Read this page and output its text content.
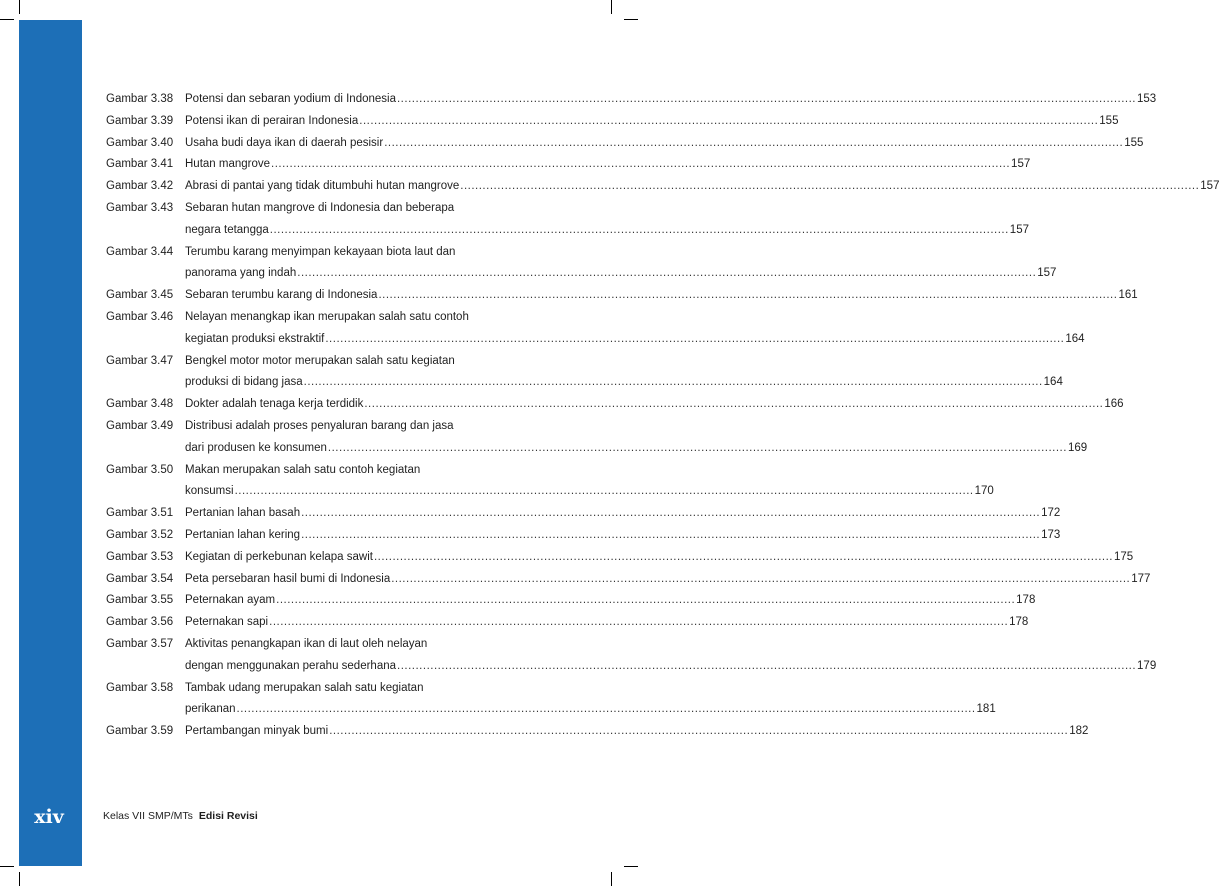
xiv
Gambar 3.38	Potensi dan sebaran yodium di Indonesia ........................................................................................................................................................................................................ 153
Gambar 3.39	Potensi ikan di perairan Indonesia ........................................................................................................................................................................................................ 155
Gambar 3.40	Usaha budi daya ikan di daerah pesisir ........................................................................................................................................................................................................ 155
Gambar 3.41	Hutan mangrove ........................................................................................................................................................................................................ 157
Gambar 3.42	Abrasi di pantai yang tidak ditumbuhi hutan mangrove ........................................................................................................................................................................................................ 157
Gambar 3.43	Sebaran hutan mangrove di Indonesia dan beberapa
negara tetangga ........................................................................................................................................................................................................ 157
Gambar 3.44	Terumbu karang menyimpan kekayaan biota laut dan
panorama yang indah ........................................................................................................................................................................................................ 157
Gambar 3.45	Sebaran terumbu karang di Indonesia ........................................................................................................................................................................................................ 161
Gambar 3.46	Nelayan menangkap ikan merupakan salah satu contoh
kegiatan produksi ekstraktif ........................................................................................................................................................................................................ 164
Gambar 3.47	Bengkel motor motor merupakan salah satu kegiatan
produksi di bidang jasa ........................................................................................................................................................................................................ 164
Gambar 3.48	Dokter adalah tenaga kerja terdidik ........................................................................................................................................................................................................ 166
Gambar 3.49	Distribusi adalah proses penyaluran barang dan jasa
dari produsen ke konsumen ........................................................................................................................................................................................................ 169
Gambar 3.50	Makan merupakan salah satu contoh kegiatan
konsumsi ........................................................................................................................................................................................................ 170
Gambar 3.51	Pertanian lahan basah ........................................................................................................................................................................................................ 172
Gambar 3.52	Pertanian lahan kering ........................................................................................................................................................................................................ 173
Gambar 3.53	Kegiatan di perkebunan kelapa sawit ........................................................................................................................................................................................................ 175
Gambar 3.54	Peta persebaran hasil bumi di Indonesia ........................................................................................................................................................................................................ 177
Gambar 3.55	Peternakan ayam ........................................................................................................................................................................................................ 178
Gambar 3.56	Peternakan sapi ........................................................................................................................................................................................................ 178
Gambar 3.57	Aktivitas penangkapan ikan di laut oleh nelayan
dengan menggunakan perahu sederhana ........................................................................................................................................................................................................ 179
Gambar 3.58	Tambak udang merupakan salah satu kegiatan
perikanan ........................................................................................................................................................................................................ 181
Gambar 3.59	Pertambangan minyak bumi ........................................................................................................................................................................................................ 182
Kelas VII SMP/MTs Edisi Revisi
